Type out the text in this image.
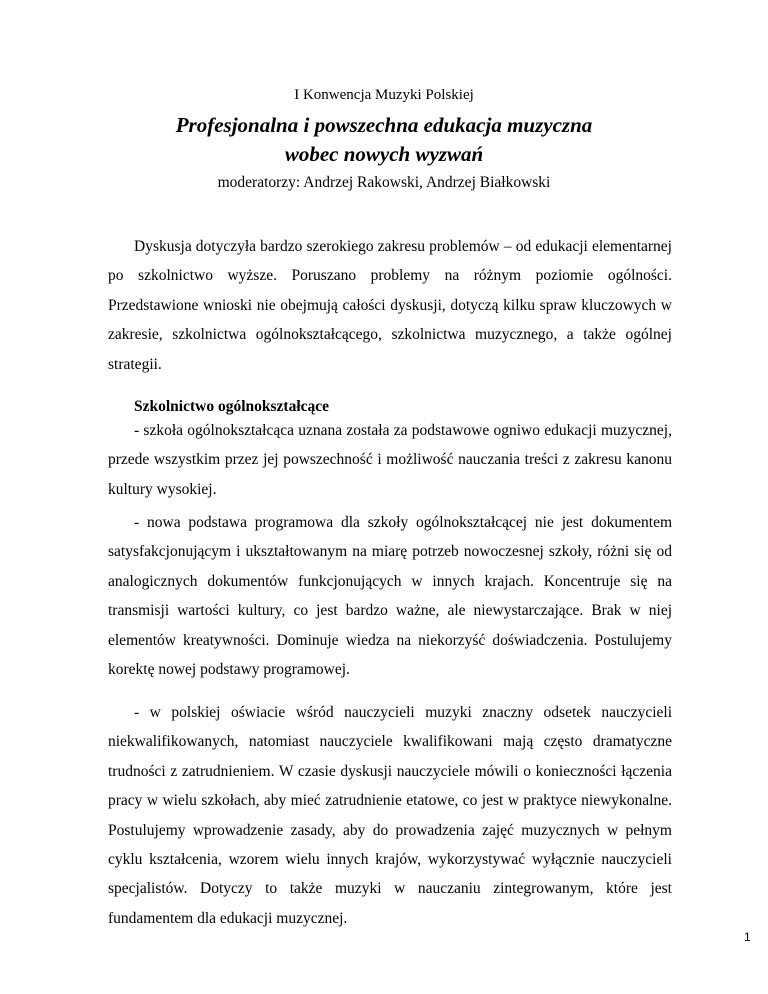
I Konwencja Muzyki Polskiej
Profesjonalna i powszechna edukacja muzyczna
wobec nowych wyzwań
moderatorzy: Andrzej Rakowski, Andrzej Białkowski

Dyskusja dotyczyła bardzo szerokiego zakresu problemów – od edukacji elementarnej po szkolnictwo wyższe. Poruszano problemy na różnym poziomie ogólności. Przedstawione wnioski nie obejmują całości dyskusji, dotyczą kilku spraw kluczowych w zakresie, szkolnictwa ogólnokształcącego, szkolnictwa muzycznego, a także ogólnej strategii.

Szkolnictwo ogólnokształcące

- szkoła ogólnokształcąca uznana została za podstawowe ogniwo edukacji muzycznej, przede wszystkim przez jej powszechność i możliwość nauczania treści z zakresu kanonu kultury wysokiej.

- nowa podstawa programowa dla szkoły ogólnokształcącej nie jest dokumentem satysfakcjonującym i ukształtowanym na miarę potrzeb nowoczesnej szkoły, różni się od analogicznych dokumentów funkcjonujących w innych krajach. Koncentruje się na transmisji wartości kultury, co jest bardzo ważne, ale niewystarczające. Brak w niej elementów kreatywności. Dominuje wiedza na niekorzyść doświadczenia. Postulujemy korektę nowej podstawy programowej.

- w polskiej oświacie wśród nauczycieli muzyki znaczny odsetek nauczycieli niekwalifikowanych, natomiast nauczyciele kwalifikowani mają często dramatyczne trudności z zatrudnieniem. W czasie dyskusji nauczyciele mówili o konieczności łączenia pracy w wielu szkołach, aby mieć zatrudnienie etatowe, co jest w praktyce niewykonalne. Postulujemy wprowadzenie zasady, aby do prowadzenia zajęć muzycznych w pełnym cyklu kształcenia, wzorem wielu innych krajów, wykorzystywać wyłącznie nauczycieli specjalistów. Dotyczy to także muzyki w nauczaniu zintegrowanym, które jest fundamentem dla edukacji muzycznej.

1
